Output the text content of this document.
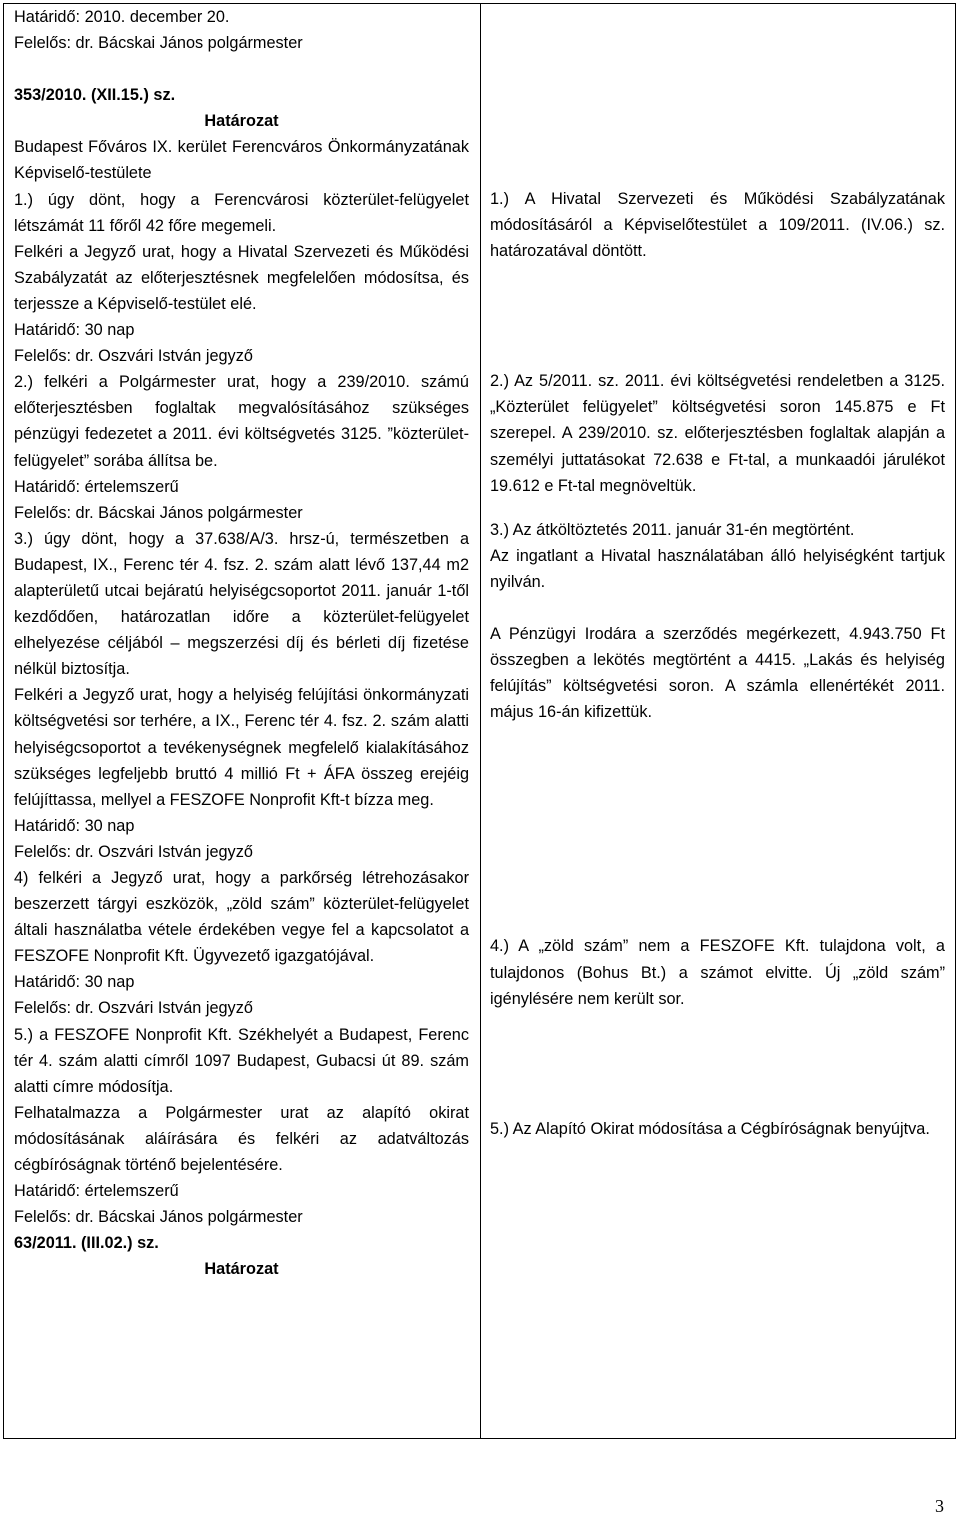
Határidő: 2010. december 20.

Felelős: dr. Bácskai János polgármester

353/2010. (XII.15.) sz.

Határozat

Budapest Főváros IX. kerület Ferencváros Önkormányzatának Képviselő-testülete

1.) úgy dönt, hogy a Ferencvárosi közterület-felügyelet létszámát 11 főről 42 főre megemeli.

Felkéri a Jegyző urat, hogy a Hivatal Szervezeti és Működési Szabályzatát az előterjesztésnek megfelelően módosítsa, és terjessze a Képviselő-testület elé.

Határidő: 30 nap

Felelős: dr. Oszvári István jegyző

2.) felkéri a Polgármester urat, hogy a 239/2010. számú előterjesztésben foglaltak megvalósításához szükséges pénzügyi fedezetet a 2011. évi költségvetés 3125. ”közterület-felügyelet” sorába állítsa be.

Határidő: értelemszerű

Felelős: dr. Bácskai János polgármester

3.) úgy dönt, hogy a 37.638/A/3. hrsz-ú, természetben a Budapest, IX., Ferenc tér 4. fsz. 2. szám alatt lévő 137,44 m2 alapterületű utcai bejáratú helyiségcsoportot 2011. január 1-től kezdődően, határozatlan időre a közterület-felügyelet elhelyezése céljából – megszerzési díj és bérleti díj fizetése nélkül biztosítja.

Felkéri a Jegyző urat, hogy a helyiség felújítási önkormányzati költségvetési sor terhére, a IX., Ferenc tér 4. fsz. 2. szám alatti helyiségcsoportot a tevékenységnek megfelelő kialakításához szükséges legfeljebb bruttó 4 millió Ft + ÁFA összeg erejéig felújíttassa, mellyel a FESZOFE Nonprofit Kft-t bízza meg.

Határidő: 30 nap

Felelős: dr. Oszvári István jegyző

4) felkéri a Jegyző urat, hogy a parkőrség létrehozásakor beszerzett tárgyi eszközök, „zöld szám” közterület-felügyelet általi használatba vétele érdekében vegye fel a kapcsolatot a FESZOFE Nonprofit Kft. Ügyvezető igazgatójával.

Határidő: 30 nap

Felelős: dr. Oszvári István jegyző

5.) a FESZOFE Nonprofit Kft. Székhelyét a Budapest, Ferenc tér 4. szám alatti címről 1097 Budapest, Gubacsi út 89. szám alatti címre módosítja.

Felhatalmazza a Polgármester urat az alapító okirat módosításának aláírására és felkéri az adatváltozás cégbíróságnak történő bejelentésére.

Határidő: értelemszerű

Felelős: dr. Bácskai János polgármester

63/2011. (III.02.) sz.

Határozat

1.) A Hivatal Szervezeti és Működési Szabályzatának módosításáról a Képviselőtestület a 109/2011. (IV.06.) sz. határozatával döntött.

2.) Az 5/2011. sz. 2011. évi költségvetési rendeletben a 3125. „Közterület felügyelet” költségvetési soron 145.875 e Ft szerepel. A 239/2010. sz. előterjesztésben foglaltak alapján a személyi juttatásokat 72.638 e Ft-tal, a munkaadói járulékot 19.612 e Ft-tal megnöveltük.

3.) Az átköltöztetés 2011. január 31-én megtörtént.

Az ingatlant a Hivatal használatában álló helyiségként tartjuk nyilván.

A Pénzügyi Irodára a szerződés megérkezett, 4.943.750 Ft összegben a lekötés megtörtént a 4415. „Lakás és helyiség felújítás” költségvetési soron. A számla ellenértékét 2011. május 16-án kifizettük.

4.) A „zöld szám” nem a FESZOFE Kft. tulajdona volt, a tulajdonos (Bohus Bt.) a számot elvitte. Új „zöld szám” igénylésére nem került sor.

5.) Az Alapító Okirat módosítása a Cégbíróságnak benyújtva.

3
